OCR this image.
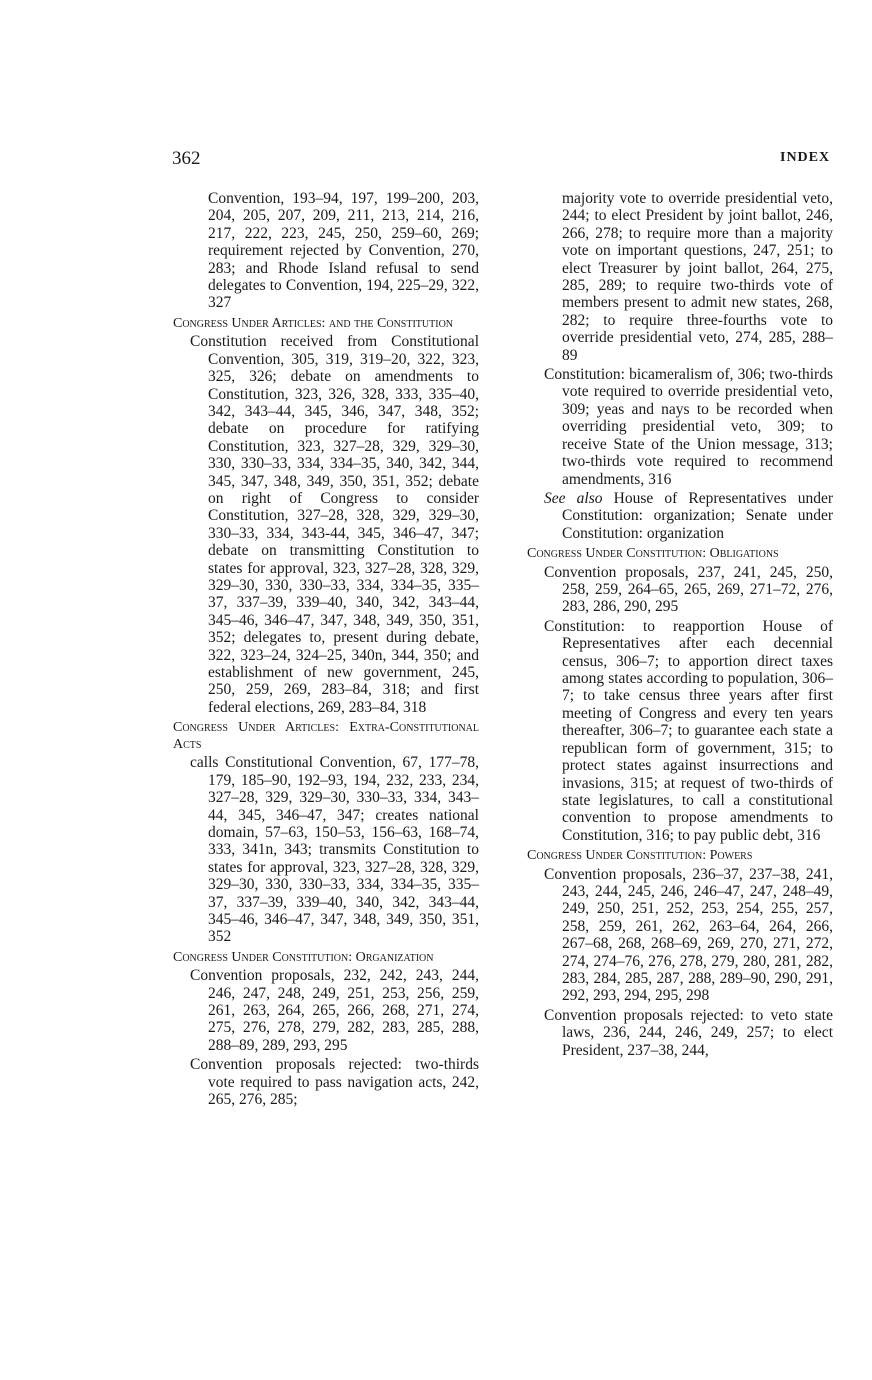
362	INDEX

Convention, 193–94, 197, 199–200, 203, 204, 205, 207, 209, 211, 213, 214, 216, 217, 222, 223, 245, 250, 259–60, 269; requirement rejected by Convention, 270, 283; and Rhode Island refusal to send delegates to Convention, 194, 225–29, 322, 327

Congress Under Articles: and the Constitution

Constitution received from Constitutional Convention, 305, 319, 319–20, 322, 323, 325, 326; debate on amendments to Constitution, 323, 326, 328, 333, 335–40, 342, 343–44, 345, 346, 347, 348, 352; debate on procedure for ratifying Constitution, 323, 327–28, 329, 329–30, 330, 330–33, 334, 334–35, 340, 342, 344, 345, 347, 348, 349, 350, 351, 352; debate on right of Congress to consider Constitution, 327–28, 328, 329, 329–30, 330–33, 334, 343-44, 345, 346–47, 347; debate on transmitting Constitution to states for approval, 323, 327–28, 328, 329, 329–30, 330, 330–33, 334, 334–35, 335–37, 337–39, 339–40, 340, 342, 343–44, 345–46, 346–47, 347, 348, 349, 350, 351, 352; delegates to, present during debate, 322, 323–24, 324–25, 340n, 344, 350; and establishment of new government, 245, 250, 259, 269, 283–84, 318; and first federal elections, 269, 283–84, 318

Congress Under Articles: Extra-Constitutional Acts

calls Constitutional Convention, 67, 177–78, 179, 185–90, 192–93, 194, 232, 233, 234, 327–28, 329, 329–30, 330–33, 334, 343–44, 345, 346–47, 347; creates national domain, 57–63, 150–53, 156–63, 168–74, 333, 341n, 343; transmits Constitution to states for approval, 323, 327–28, 328, 329, 329–30, 330, 330–33, 334, 334–35, 335–37, 337–39, 339–40, 340, 342, 343–44, 345–46, 346–47, 347, 348, 349, 350, 351, 352

Congress Under Constitution: Organization

Convention proposals, 232, 242, 243, 244, 246, 247, 248, 249, 251, 253, 256, 259, 261, 263, 264, 265, 266, 268, 271, 274, 275, 276, 278, 279, 282, 283, 285, 288, 288–89, 289, 293, 295

Convention proposals rejected: two-thirds vote required to pass navigation acts, 242, 265, 276, 285;

majority vote to override presidential veto, 244; to elect President by joint ballot, 246, 266, 278; to require more than a majority vote on important questions, 247, 251; to elect Treasurer by joint ballot, 264, 275, 285, 289; to require two-thirds vote of members present to admit new states, 268, 282; to require three-fourths vote to override presidential veto, 274, 285, 288–89

Constitution: bicameralism of, 306; two-thirds vote required to override presidential veto, 309; yeas and nays to be recorded when overriding presidential veto, 309; to receive State of the Union message, 313; two-thirds vote required to recommend amendments, 316

See also House of Representatives under Constitution: organization; Senate under Constitution: organization

Congress Under Constitution: Obligations

Convention proposals, 237, 241, 245, 250, 258, 259, 264–65, 265, 269, 271–72, 276, 283, 286, 290, 295

Constitution: to reapportion House of Representatives after each decennial census, 306–7; to apportion direct taxes among states according to population, 306–7; to take census three years after first meeting of Congress and every ten years thereafter, 306–7; to guarantee each state a republican form of government, 315; to protect states against insurrections and invasions, 315; at request of two-thirds of state legislatures, to call a constitutional convention to propose amendments to Constitution, 316; to pay public debt, 316

Congress Under Constitution: Powers

Convention proposals, 236–37, 237–38, 241, 243, 244, 245, 246, 246–47, 247, 248–49, 249, 250, 251, 252, 253, 254, 255, 257, 258, 259, 261, 262, 263–64, 264, 266, 267–68, 268, 268–69, 269, 270, 271, 272, 274, 274–76, 276, 278, 279, 280, 281, 282, 283, 284, 285, 287, 288, 289–90, 290, 291, 292, 293, 294, 295, 298

Convention proposals rejected: to veto state laws, 236, 244, 246, 249, 257; to elect President, 237–38, 244,
